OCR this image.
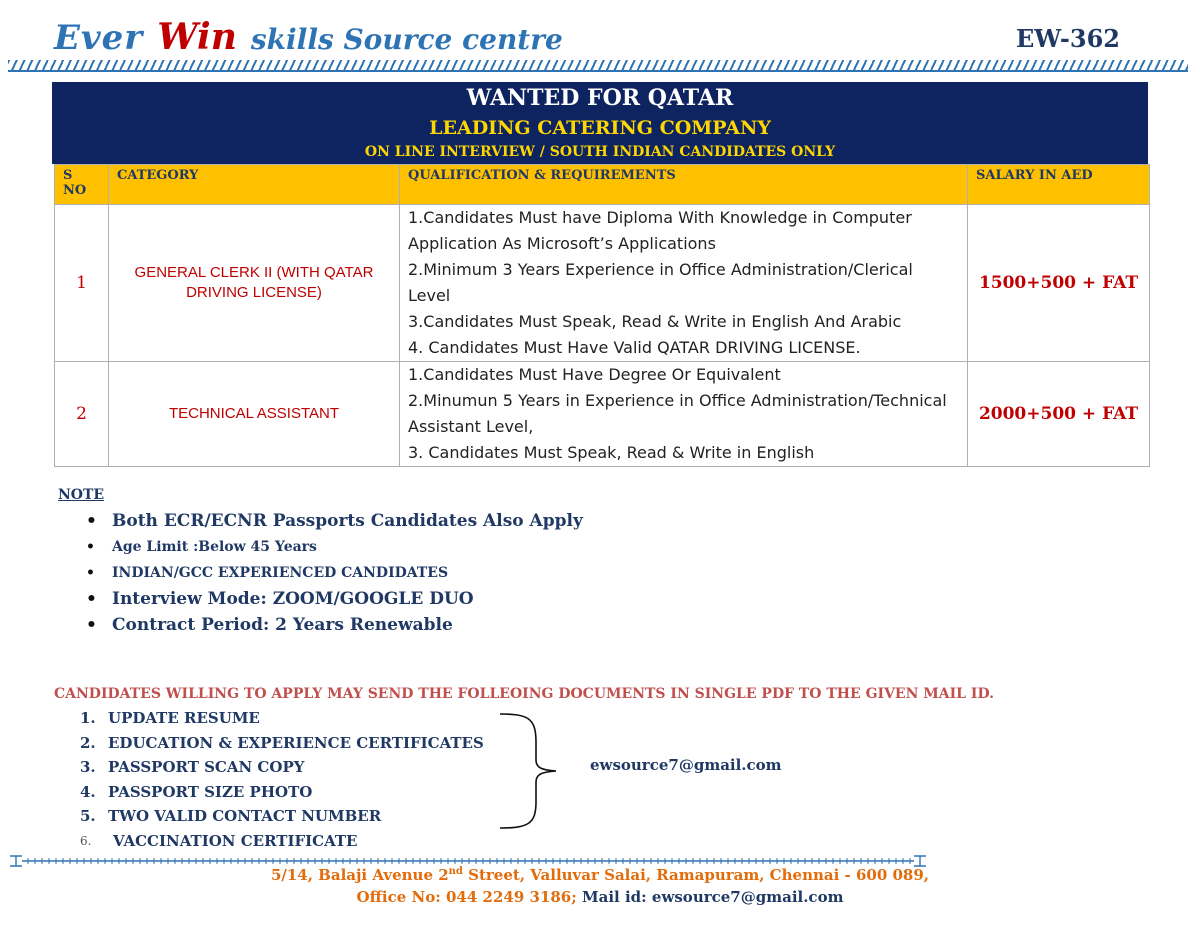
Ever Win skills Source centre	EW-362
WANTED FOR QATAR
LEADING CATERING COMPANY
ON LINE INTERVIEW / SOUTH INDIAN CANDIDATES ONLY
S NO	CATEGORY	QUALIFICATION & REQUIREMENTS	SALARY IN AED
1	GENERAL CLERK II (WITH QATAR DRIVING LICENSE)	1.Candidates Must have Diploma With Knowledge in Computer Application As Microsoft’s Applications
2.Minimum 3 Years Experience in Office Administration/Clerical Level
3.Candidates Must Speak, Read & Write in English And Arabic
4. Candidates Must Have Valid QATAR DRIVING LICENSE.	1500+500 + FAT
2	TECHNICAL ASSISTANT	1.Candidates Must Have Degree Or Equivalent
2.Minumun 5 Years in Experience in Office Administration/Technical Assistant Level,
3. Candidates Must Speak, Read & Write in English	2000+500 + FAT
NOTE
• Both ECR/ECNR Passports Candidates Also Apply
• Age Limit :Below 45 Years
• INDIAN/GCC EXPERIENCED CANDIDATES
• Interview Mode: ZOOM/GOOGLE DUO
• Contract Period: 2 Years Renewable
CANDIDATES WILLING TO APPLY MAY SEND THE FOLLEOING DOCUMENTS IN SINGLE PDF TO THE GIVEN MAIL ID.
1. UPDATE RESUME
2. EDUCATION & EXPERIENCE CERTIFICATES
3. PASSPORT SCAN COPY
4. PASSPORT SIZE PHOTO
5. TWO VALID CONTACT NUMBER
6.	VACCINATION CERTIFICATE
ewsource7@gmail.com
5/14, Balaji Avenue 2nd Street, Valluvar Salai, Ramapuram, Chennai - 600 089,
Office No: 044 2249 3186; Mail id: ewsource7@gmail.com
